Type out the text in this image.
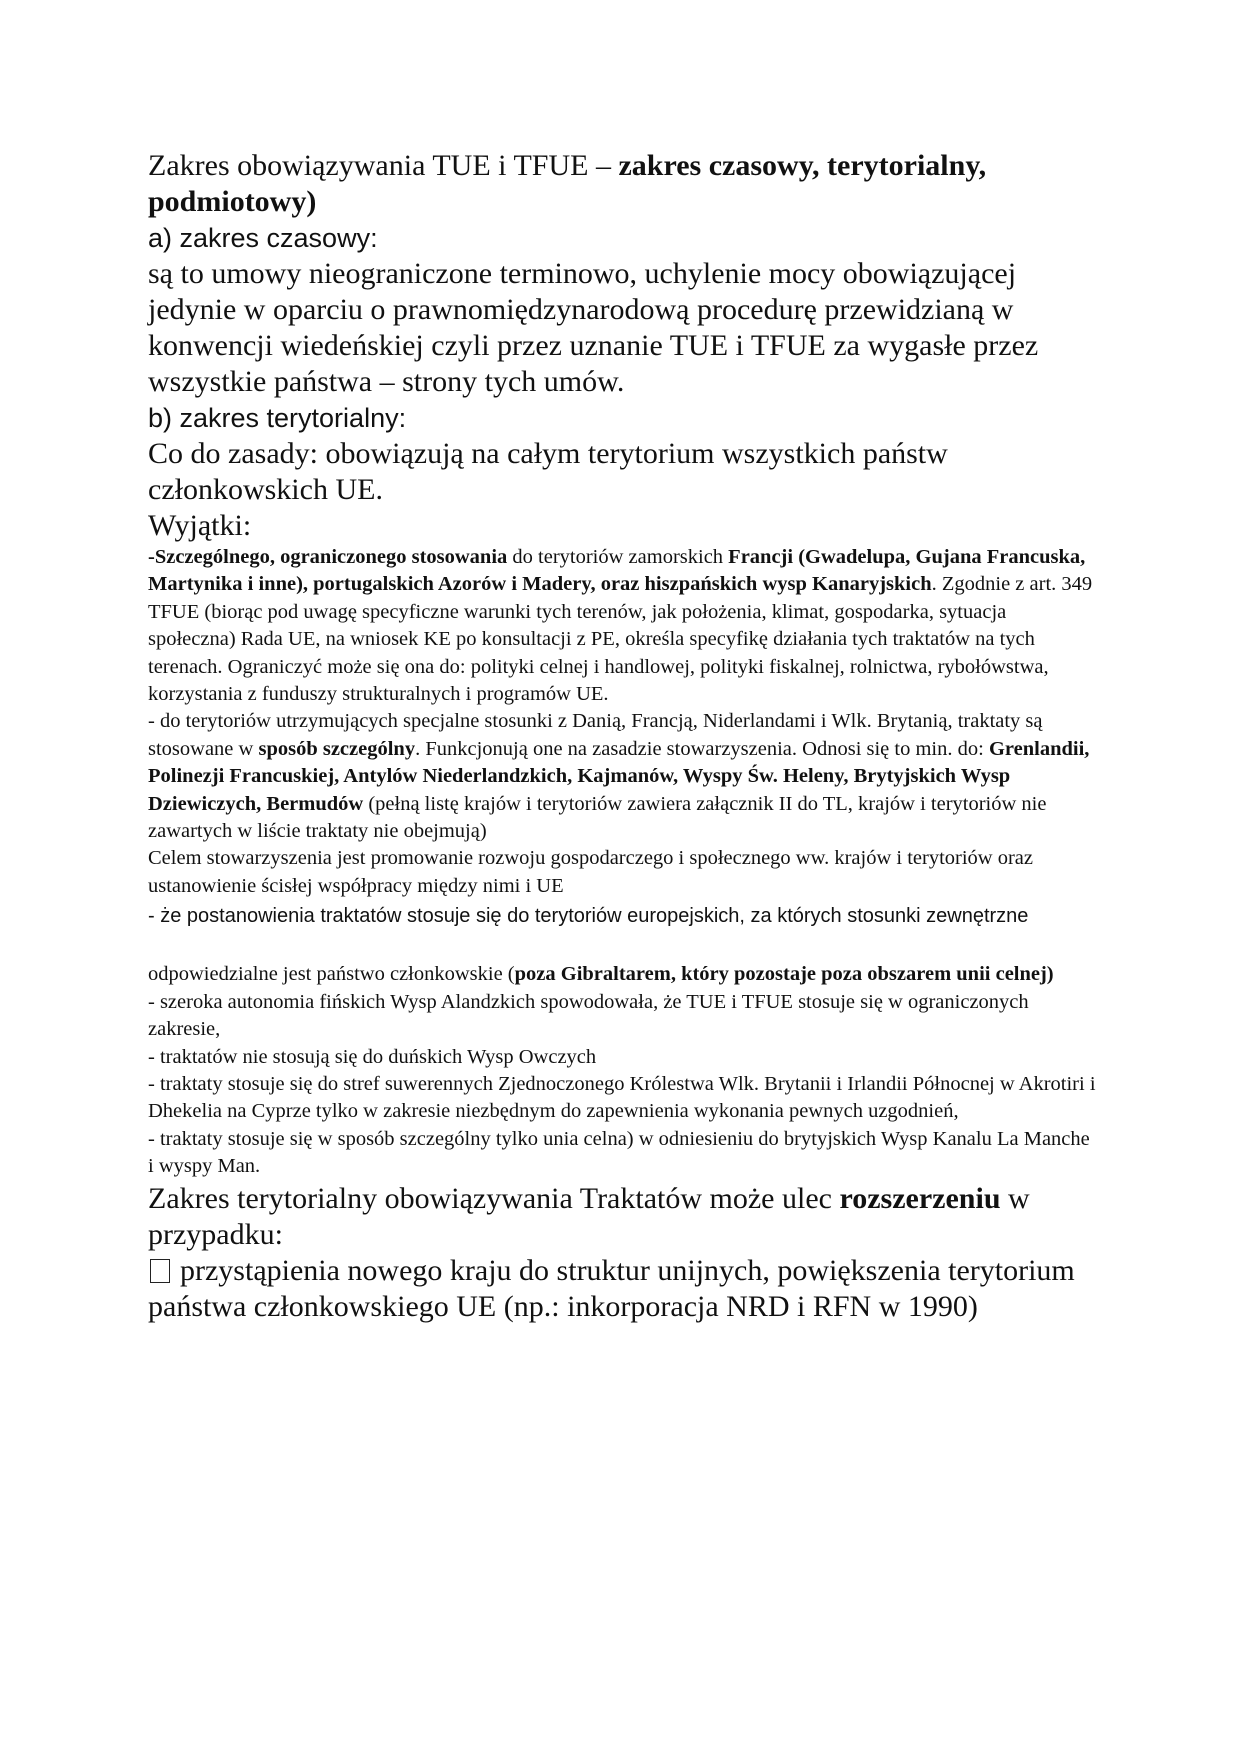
Zakres obowiązywania TUE i TFUE – zakres czasowy, terytorialny, podmiotowy)

a) zakres czasowy:

są to umowy nieograniczone terminowo, uchylenie mocy obowiązującej jedynie w oparciu o prawnomiędzynarodową procedurę przewidzianą w konwencji wiedeńskiej czyli przez uznanie TUE i TFUE za wygasłe przez wszystkie państwa – strony tych umów.

b) zakres terytorialny:

Co do zasady: obowiązują na całym terytorium wszystkich państw członkowskich UE.

Wyjątki:

-Szczególnego, ograniczonego stosowania do terytoriów zamorskich Francji (Gwadelupa, Gujana Francuska, Martynika i inne), portugalskich Azorów i Madery, oraz hiszpańskich wysp Kanaryjskich. Zgodnie z art. 349 TFUE (biorąc pod uwagę specyficzne warunki tych terenów, jak położenia, klimat, gospodarka, sytuacja społeczna) Rada UE, na wniosek KE po konsultacji z PE, określa specyfikę działania tych traktatów na tych terenach. Ograniczyć może się ona do: polityki celnej i handlowej, polityki fiskalnej, rolnictwa, rybołówstwa, korzystania z funduszy strukturalnych i programów UE.

- do terytoriów utrzymujących specjalne stosunki z Danią, Francją, Niderlandami i Wlk. Brytanią, traktaty są stosowane w sposób szczególny. Funkcjonują one na zasadzie stowarzyszenia. Odnosi się to min. do: Grenlandii, Polinezji Francuskiej, Antylów Niederlandzkich, Kajmanów, Wyspy Św. Heleny, Brytyjskich Wysp Dziewiczych, Bermudów (pełną listę krajów i terytoriów zawiera załącznik II do TL, krajów i terytoriów nie zawartych w liście traktaty nie obejmują)

Celem stowarzyszenia jest promowanie rozwoju gospodarczego i społecznego ww. krajów i terytoriów oraz ustanowienie ścisłej współpracy między nimi i UE

- że postanowienia traktatów stosuje się do terytoriów europejskich, za których stosunki zewnętrzne

odpowiedzialne jest państwo członkowskie (poza Gibraltarem, który pozostaje poza obszarem unii celnej)

- szeroka autonomia fińskich Wysp Alandzkich spowodowała, że TUE i TFUE stosuje się w ograniczonych zakresie,

- traktatów nie stosują się do duńskich Wysp Owczych

- traktaty stosuje się do stref suwerennych Zjednoczonego Królestwa Wlk. Brytanii i Irlandii Północnej w Akrotiri i Dhekelia na Cyprze tylko w zakresie niezbędnym do zapewnienia wykonania pewnych uzgodnień,

- traktaty stosuje się w sposób szczególny tylko unia celna) w odniesieniu do brytyjskich Wysp Kanalu La Manche i wyspy Man.

Zakres terytorialny obowiązywania Traktatów może ulec rozszerzeniu w przypadku:

przystąpienia nowego kraju do struktur unijnych, powiększenia terytorium państwa członkowskiego UE (np.: inkorporacja NRD i RFN w 1990)
